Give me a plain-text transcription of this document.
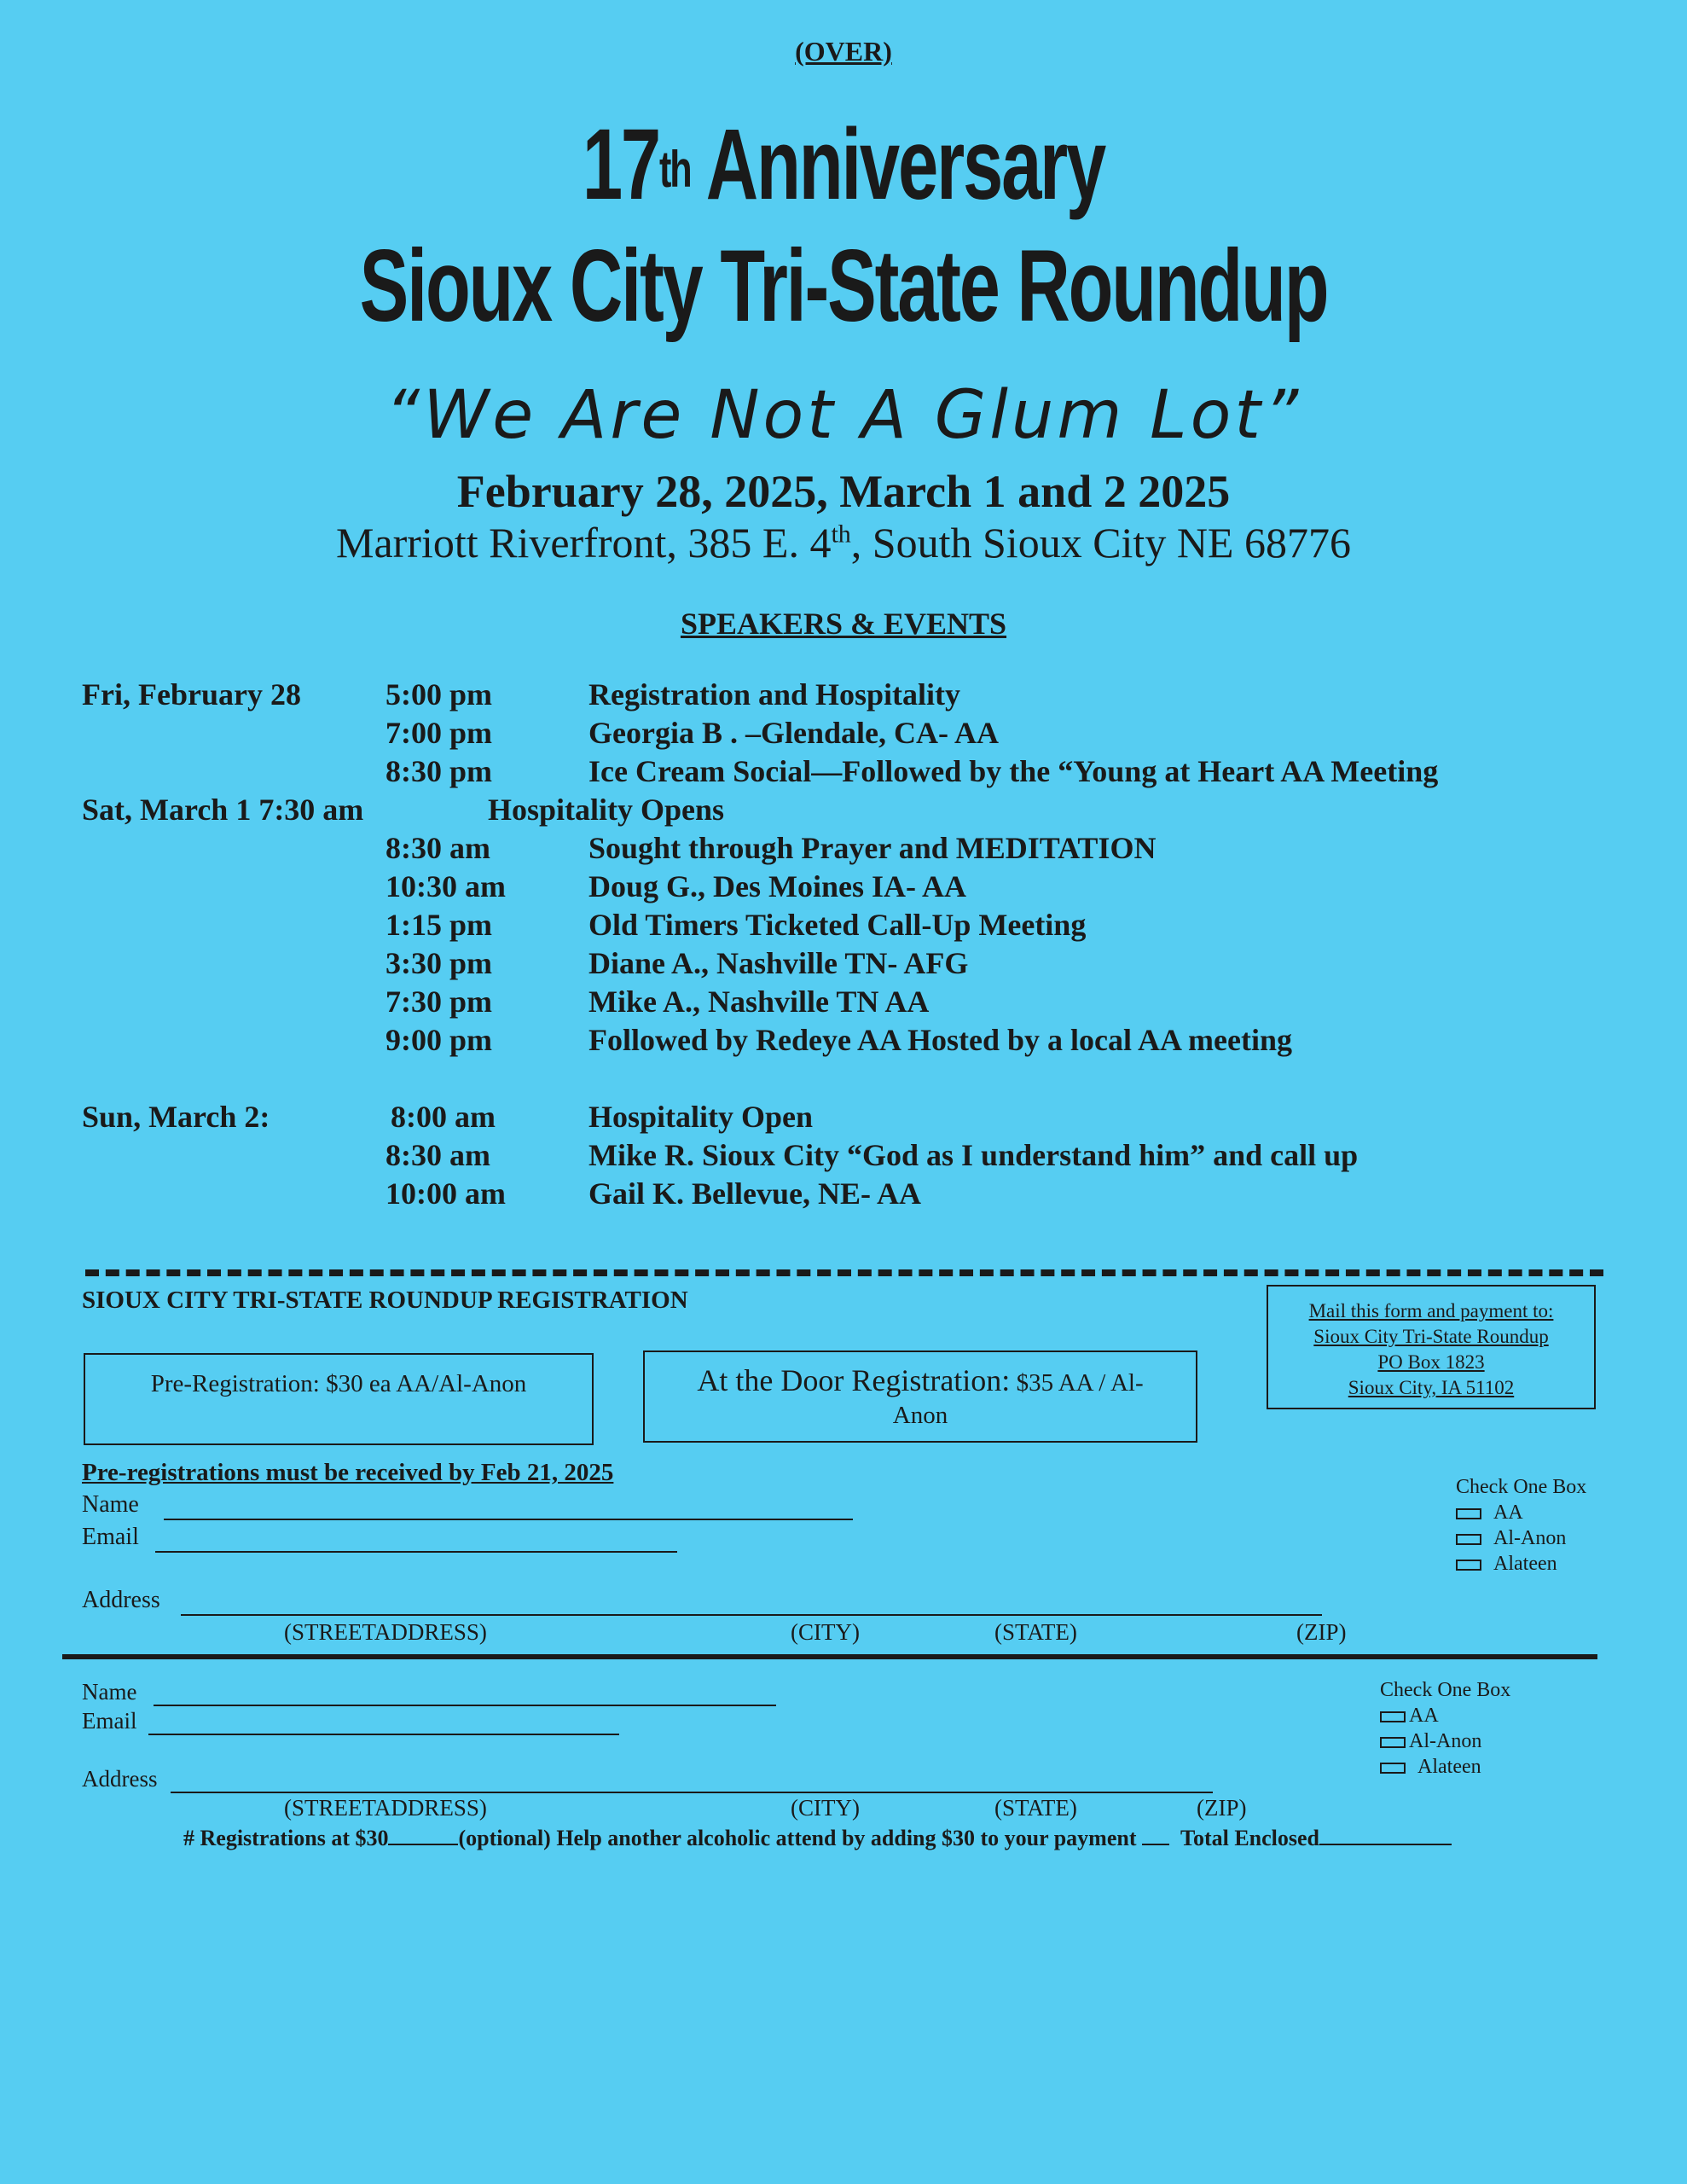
(OVER)
17th Anniversary
Sioux City Tri-State Roundup
“We Are Not A Glum Lot”
February 28, 2025, March 1 and 2 2025
Marriott Riverfront, 385 E. 4th, South Sioux City NE 68776
SPEAKERS & EVENTS
Fri, February 28	5:00 pm	Registration and Hospitality
7:00 pm	Georgia B . –Glendale, CA- AA
8:30 pm	Ice Cream Social—Followed by the “Young at Heart AA Meeting
Sat, March 1 7:30 am	Hospitality Opens
8:30 am	Sought through Prayer and MEDITATION
10:30 am	Doug G., Des Moines IA- AA
1:15 pm	Old Timers Ticketed Call-Up Meeting
3:30 pm	Diane A., Nashville TN- AFG
7:30 pm	Mike A., Nashville TN AA
9:00 pm	Followed by Redeye AA Hosted by a local AA meeting
Sun, March 2:	8:00 am	Hospitality Open
8:30 am	Mike R. Sioux City “God as I understand him” and call up
10:00 am	Gail K. Bellevue, NE- AA
SIOUX CITY TRI-STATE ROUNDUP REGISTRATION	Mail this form and payment to:
Sioux City Tri-State Roundup
PO Box 1823
Sioux City, IA 51102
Pre-Registration: $30 ea AA/Al-Anon	At the Door Registration: $35 AA / Al-
Anon
Pre-registrations must be received by Feb 21, 2025
Name
Email
Address
(STREETADDRESS)	(CITY)	(STATE)	(ZIP)
Check One Box
AA
Al-Anon
Alateen
Name
Email
Address
(STREETADDRESS)	(CITY)	(STATE)	(ZIP)
Check One Box
AA
Al-Anon
Alateen
# Registrations at $30	(optional) Help another alcoholic attend by adding $30 to your payment Total Enclosed
